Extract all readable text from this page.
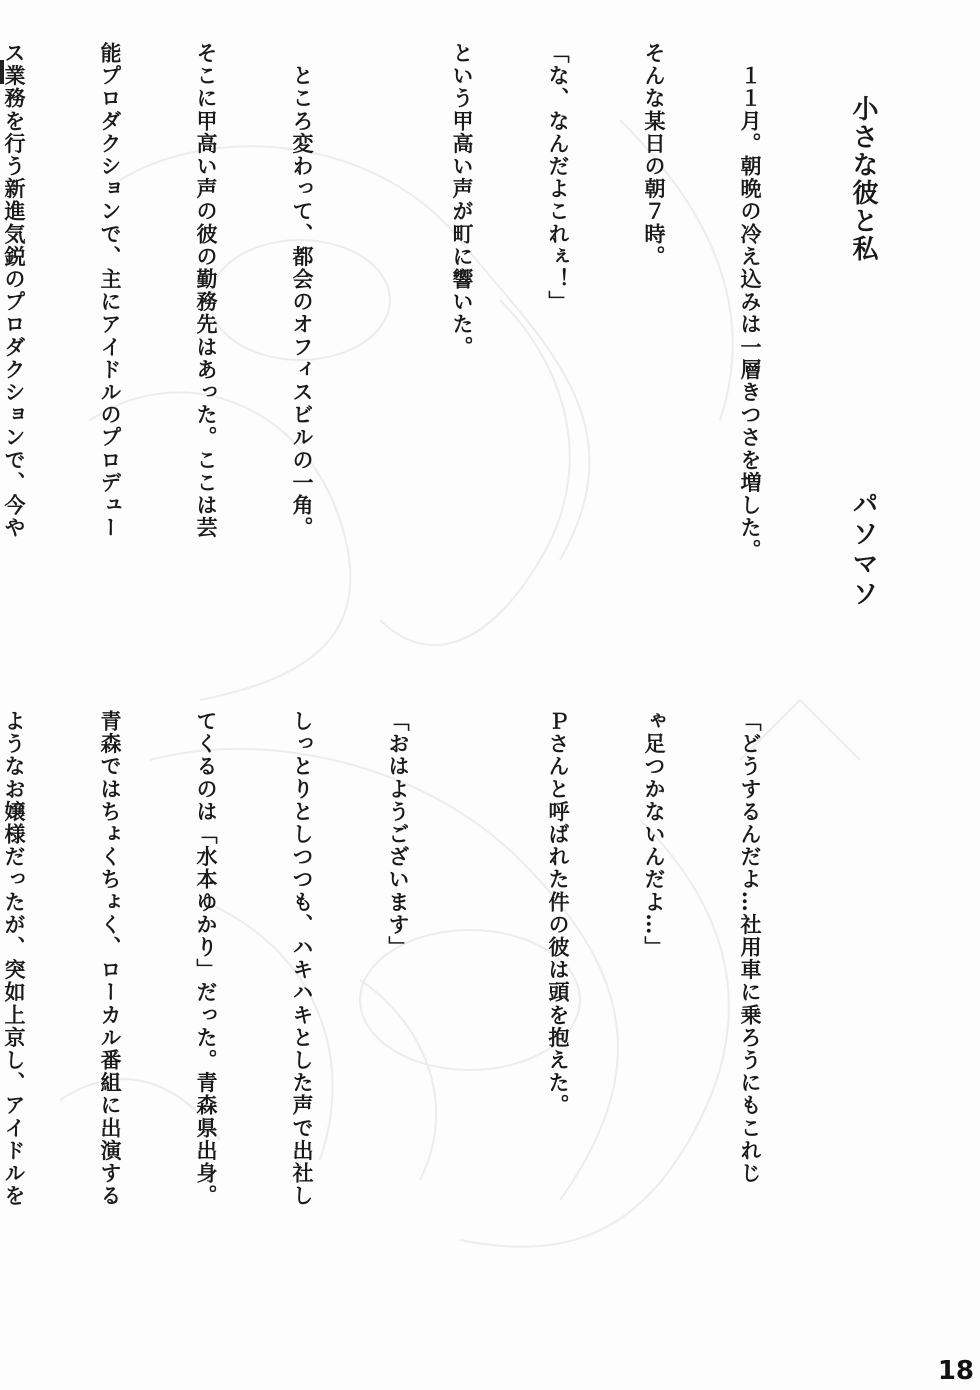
小さな彼と私
パソマソ

　１１月。朝晩の冷え込みは一層きつさを増した。

そんな某日の朝７時。

「な、なんだよこれぇ！」

という甲高い声が町に響いた。

　ところ変わって、都会のオフィスビルの一角。

そこに甲高い声の彼の勤務先はあった。ここは芸

能プロダクションで、主にアイドルのプロデュー

ス業務を行う新進気鋭のプロダクションで、今や

「どうするんだよ…社用車に乗ろうにもこれじ

ゃ足つかないんだよ…」

Ｐさんと呼ばれた件の彼は頭を抱えた。

「おはようございます」

しっとりとしつつも、ハキハキとした声で出社し

てくるのは「水本ゆかり」だった。青森県出身。

青森ではちょくちょく、ローカル番組に出演する

ようなお嬢様だったが、突如上京し、アイドルを

18
